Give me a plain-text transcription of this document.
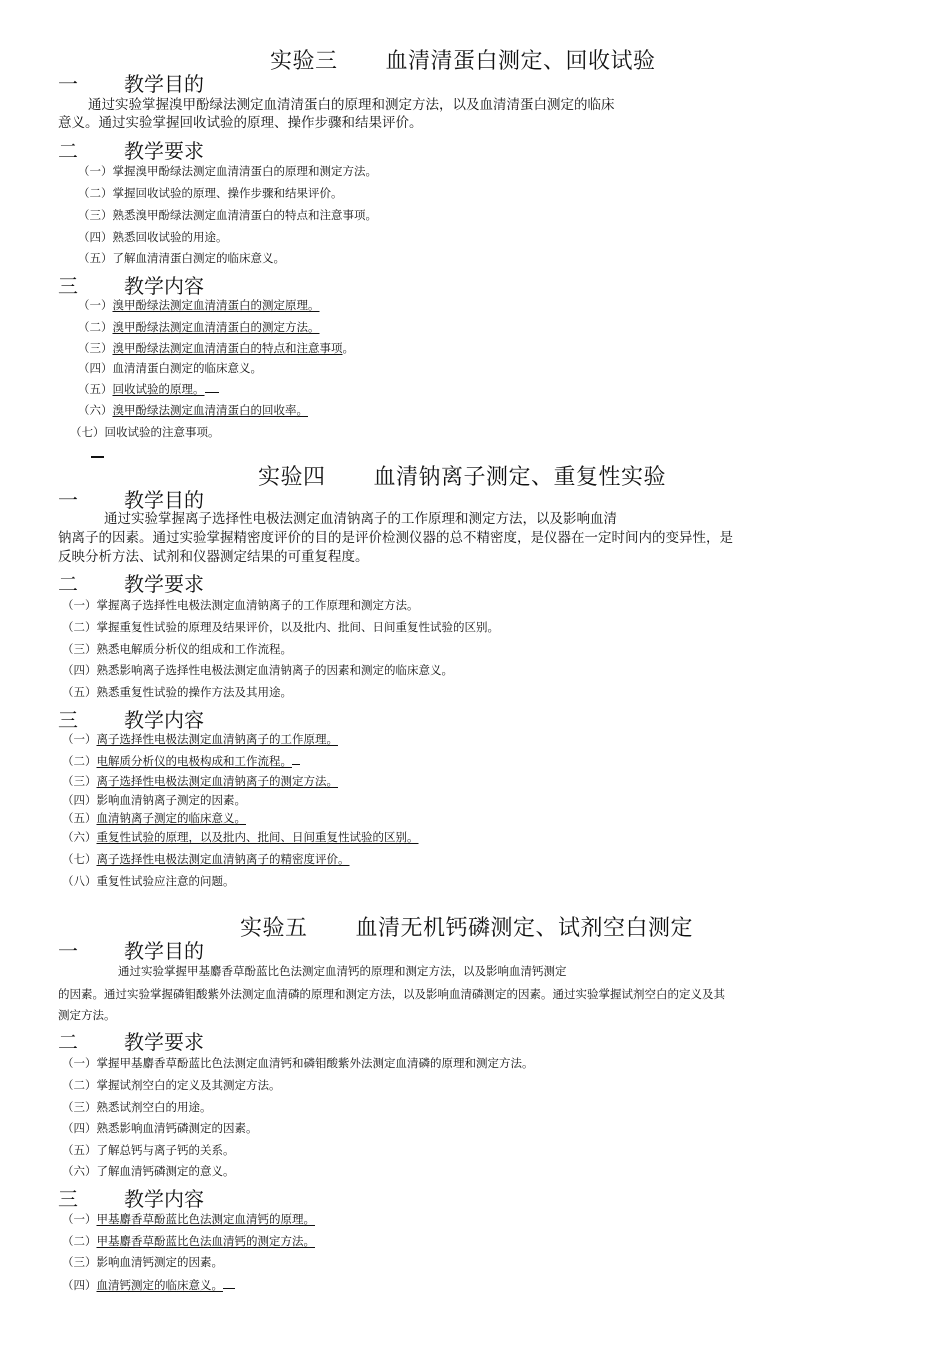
实验三 血清清蛋白测定、回收试验
一 教学目的
通过实验掌握溴甲酚绿法测定血清清蛋白的原理和测定方法，以及血清清蛋白测定的临床
意义。通过实验掌握回收试验的原理、操作步骤和结果评价。
二 教学要求
（一）掌握溴甲酚绿法测定血清清蛋白的原理和测定方法。
（二）掌握回收试验的原理、操作步骤和结果评价。
（三）熟悉溴甲酚绿法测定血清清蛋白的特点和注意事项。
（四）熟悉回收试验的用途。
（五）了解血清清蛋白测定的临床意义。
三 教学内容
（一）溴甲酚绿法测定血清清蛋白的测定原理。
（二）溴甲酚绿法测定血清清蛋白的测定方法。
（三）溴甲酚绿法测定血清清蛋白的特点和注意事项。
（四）血清清蛋白测定的临床意义。
（五）回收试验的原理。
（六）溴甲酚绿法测定血清清蛋白的回收率。
（七）回收试验的注意事项。
实验四 血清钠离子测定、重复性实验
一 教学目的
通过实验掌握离子选择性电极法测定血清钠离子的工作原理和测定方法，以及影响血清
钠离子的因素。通过实验掌握精密度评价的目的是评价检测仪器的总不精密度，是仪器在一定时间内的变异性，是
反映分析方法、试剂和仪器测定结果的可重复程度。
二 教学要求
（一）掌握离子选择性电极法测定血清钠离子的工作原理和测定方法。
（二）掌握重复性试验的原理及结果评价，以及批内、批间、日间重复性试验的区别。
（三）熟悉电解质分析仪的组成和工作流程。
（四）熟悉影响离子选择性电极法测定血清钠离子的因素和测定的临床意义。
（五）熟悉重复性试验的操作方法及其用途。
三 教学内容
（一）离子选择性电极法测定血清钠离子的工作原理。
（二）电解质分析仪的电极构成和工作流程。
（三）离子选择性电极法测定血清钠离子的测定方法。
（四）影响血清钠离子测定的因素。
（五）血清钠离子测定的临床意义。
（六）重复性试验的原理，以及批内、批间、日间重复性试验的区别。
（七）离子选择性电极法测定血清钠离子的精密度评价。
（八）重复性试验应注意的问题。
实验五 血清无机钙磷测定、试剂空白测定
一 教学目的
通过实验掌握甲基麝香草酚蓝比色法测定血清钙的原理和测定方法，以及影响血清钙测定
的因素。通过实验掌握磷钼酸紫外法测定血清磷的原理和测定方法，以及影响血清磷测定的因素。通过实验掌握试剂空白的定义及其
测定方法。
二 教学要求
（一）掌握甲基麝香草酚蓝比色法测定血清钙和磷钼酸紫外法测定血清磷的原理和测定方法。
（二）掌握试剂空白的定义及其测定方法。
（三）熟悉试剂空白的用途。
（四）熟悉影响血清钙磷测定的因素。
（五）了解总钙与离子钙的关系。
（六）了解血清钙磷测定的意义。
三 教学内容
（一）甲基麝香草酚蓝比色法测定血清钙的原理。
（二）甲基麝香草酚蓝比色法血清钙的测定方法。
（三）影响血清钙测定的因素。
（四）血清钙测定的临床意义。
